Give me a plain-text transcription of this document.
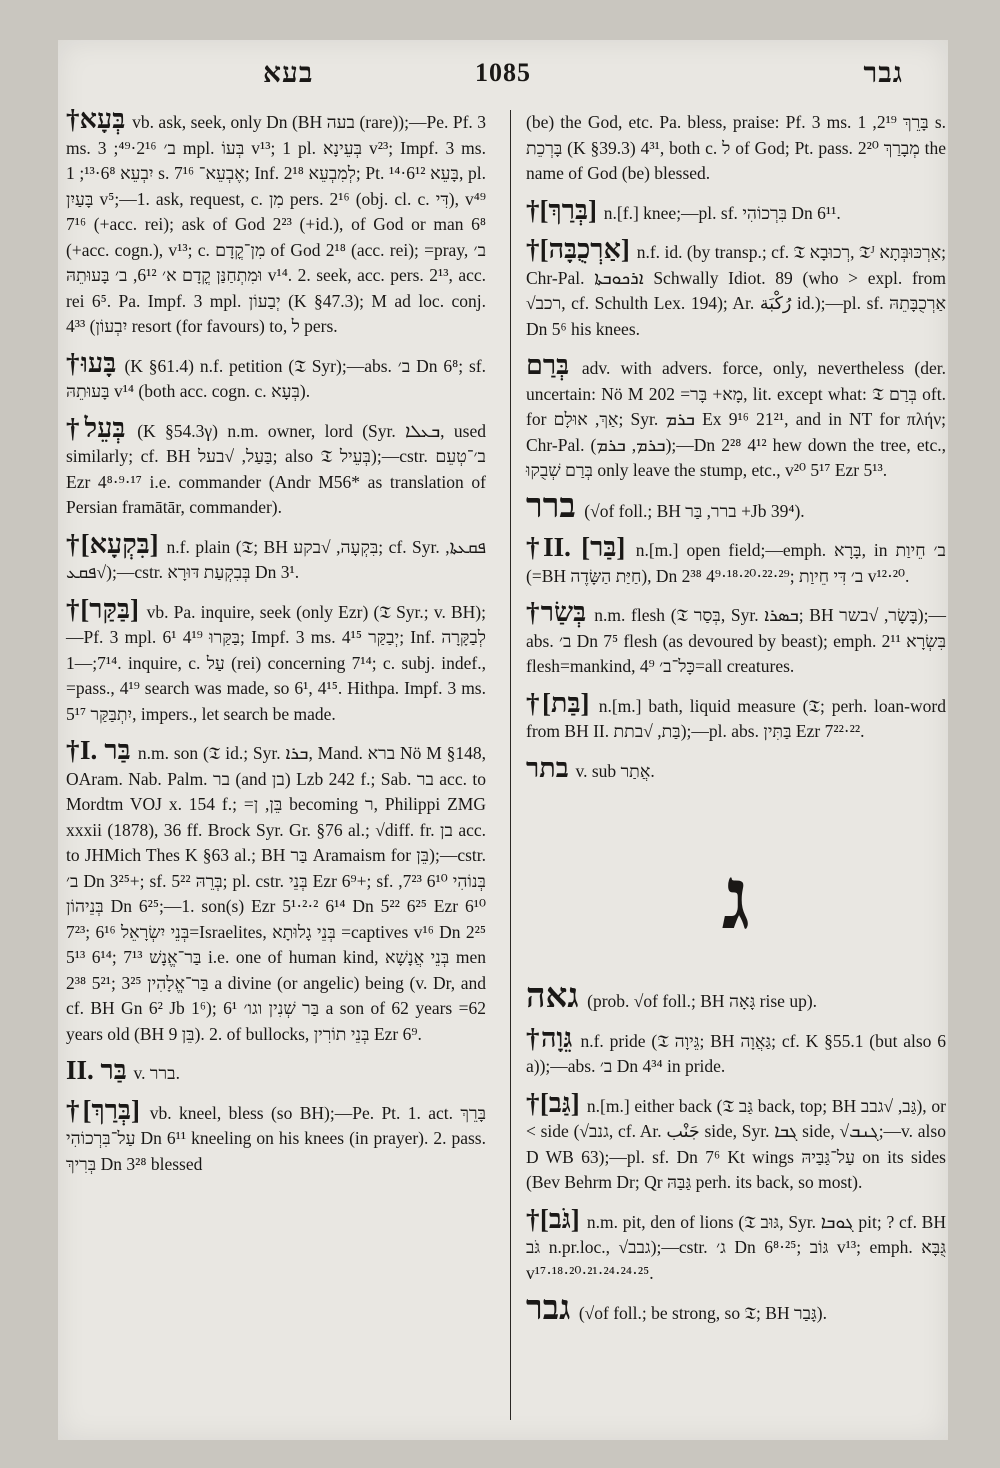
בעא	1085	גבר
†בְּעָא vb. ask, seek, only Dn (BH בעה (rare));—Pe. Pf. 3 ms. ב׳ 2¹⁶·⁴⁹; 3 mpl. בְּעוֹ v¹³; 1 pl. בְּעֵינָא v²³; Impf. 3 ms. יִבְעֵא 6⁸·¹³; 1 s. אֶבְעֵא־ 7¹⁶; Inf. לְמִבְעֵא 2¹⁸; Pt. בָּעֵא 6¹²·¹⁴, pl. בָּעַיִן v⁵;—1. ask, request, c. מִן pers. 2¹⁶ (obj. cl. c. דִּי), v⁴⁹ 7¹⁶ (+acc. rei); ask of God 2²³ (+id.), of God or man 6⁸ (+acc. cogn.), v¹³; c. מִן־קֳדָם of God 2¹⁸ (acc. rei); =pray, ב׳ וּמִתְחַנַּן קֳדָם א׳ 6¹², ב׳ בָּעוּתֵהּ v¹⁴. 2. seek, acc. pers. 2¹³, acc. rei 6⁵. Pa. Impf. 3 mpl. יְבַעוֹן (K §47.3); M ad loc. conj. יִבְעוֹן) 4³³ resort (for favours) to, ל pers.
†בָּעוּ (K §61.4) n.f. petition (𝔗 Syr);—abs. ב׳ Dn 6⁸; sf. בָּעוּתֵהּ v¹⁴ (both acc. cogn. c. בְּעָא).
†בְּעֵל (K §54.3γ) n.m. owner, lord (Syr. ܒܥܠܐ, used similarly; cf. BH בַּעַל, √בעל; also 𝔗 בְּעֵיל);—cstr. ב׳־טְעֵם Ezr 4⁸·⁹·¹⁷ i.e. commander (Andr M56* as translation of Persian framātār, commander).
†[בִּקְעָא] n.f. plain (𝔗; BH בִּקְעָה, √בקע; cf. Syr. ܦܩܥܬܐ, √ܦܩܥ);—cstr. בְּבִקְעַת דּוּרָא Dn 3¹.
†[בַּקַּר] vb. Pa. inquire, seek (only Ezr) (𝔗 Syr.; v. BH);—Pf. 3 mpl. בַּקַּרוּ 4¹⁹ 6¹; Impf. 3 ms. יְבַקַּר 4¹⁵; Inf. לְבַקָּרָה 7¹⁴;—1. inquire, c. עַל (rei) concerning 7¹⁴; c. subj. indef., =pass., 4¹⁹ search was made, so 6¹, 4¹⁵. Hithpa. Impf. 3 ms. יִתְבַּקַּר 5¹⁷, impers., let search be made.
†I. בַּר n.m. son (𝔗 id.; Syr. ܒܪܐ, Mand. ברא Nö M §148, OAram. Nab. Palm. בר (and בן) Lzb 242 f.; Sab. בר acc. to Mordtm VOJ x. 154 f.; =בֵּן, ן becoming ר, Philippi ZMG xxxii (1878), 36 ff. Brock Syr. Gr. §76 al.; √diff. fr. בן acc. to JHMich Thes K §63 al.; BH בַּר Aramaism for בֵּן);—cstr. ב׳ Dn 3²⁵+; sf. בְּרֵהּ 5²²; pl. cstr. בְּנֵי Ezr 6⁹+; sf. בְּנוֹהִי 6¹⁰ 7²³, בְּנֵיהוֹן Dn 6²⁵;—1. son(s) Ezr 5¹·²·² 6¹⁴ Dn 5²² 6²⁵ Ezr 6¹⁰ 7²³; בְּנֵי יִשְׂרָאֵל 6¹⁶=Israelites, בְּנֵי גָלוּתָא =captives v¹⁶ Dn 2²⁵ 5¹³ 6¹⁴; בַּר־אֱנָשׁ 7¹³ i.e. one of human kind, בְּנֵי אֲנָשָׁא men 2³⁸ 5²¹; בַּר־אֱלָהִין 3²⁵ a divine (or angelic) being (v. Dr, and cf. BH Gn 6² Jb 1⁶); בַּר שְׁנִין וגו׳ 6¹ a son of 62 years =62 years old (BH בֵּן 9). 2. of bullocks, בְּנֵי תוֹרִין Ezr 6⁹.
II. בַּר v. ברר.
†[בְּרַךְ] vb. kneel, bless (so BH);—Pe. Pt. 1. act. בָּרֵךְ עַל־בִּרְכוֹהִי Dn 6¹¹ kneeling on his knees (in prayer). 2. pass. בְּרִיךְ Dn 3²⁸ blessed
(be) the God, etc. Pa. bless, praise: Pf. 3 ms. בָּרֵךְ 2¹⁹, 1 s. בָּרְכֵת (K §39.3) 4³¹, both c. ל of God; Pt. pass. מְבָרַךְ 2²⁰ the name of God (be) blessed.
†[בְּרַךְ] n.[f.] knee;—pl. sf. בִּרְכוֹהִי Dn 6¹¹.
†[אַרְכֻבָּה] n.f. id. (by transp.; cf. 𝔗 רְכוּבָא, 𝔗ᴶ אַרְכּוּבְּתָא; Chr-Pal. ܐܪܟܘܒܬܐ Schwally Idiot. 89 (who > expl. from √רכב, cf. Schulth Lex. 194); Ar. رُكْبَة id.);—pl. sf. אַרְכֻבָּתֵהּ Dn 5⁶ his knees.
בְּרַם adv. with advers. force, only, nevertheless (der. uncertain: Nö M 202 =מָא+ בָּר, lit. except what: 𝔗 בְּרַם oft. for אַךְ, אוּלָם; Syr. ܒܪܡ Ex 9¹⁶ 21²¹, and in NT for πλήν; Chr-Pal. (ܒܪܡ, ܒܪܡ);—Dn 2²⁸ 4¹² hew down the tree, etc., בְּרַם שְׁבֻקוּ only leave the stump, etc., v²⁰ 5¹⁷ Ezr 5¹³.
ברר (√of foll.; BH ברר, בַּר +Jb 39⁴).
†II. [בַּר] n.[m.] open field;—emph. בָּרָא, in ב׳ חֵיוַת (=BH חַיַּת הַשָּׂדֶה), Dn 2³⁸ 4⁹·¹⁸·²⁰·²²·²⁹; ב׳ דִּי חֵיוַת v¹²·²⁰.
†בְּשַׂר n.m. flesh (𝔗 בְּסַר, Syr. ܒܣܪܐ; BH בָּשָׂר, √בשר);—abs. ב׳ Dn 7⁵ flesh (as devoured by beast); emph. בִּשְׂרָא 2¹¹ flesh=mankind, כָּל־ב׳ 4⁹=all creatures.
†[בַּת] n.[m.] bath, liquid measure (𝔗; perh. loan-word from BH II. בַּת, √בתת);—pl. abs. בַּתִּין Ezr 7²²·²².
בתר v. sub אֲתַר.
ג
גאה (prob. √of foll.; BH גָּאָה rise up).
†גֵּוָה n.f. pride (𝔗 גֵּיוָה; BH גַּאֲוָה; cf. K §55.1 (but also 6 a));—abs. ב׳ Dn 4³⁴ in pride.
†[גַּב] n.[m.] either back (𝔗 גַּב back, top; BH גַּב, √גבב), or < side (√גנב, cf. Ar. جَنْب side, Syr. ܓܒܐ side, √ܓܢܒ;—v. also D WB 63);—pl. sf. Dn 7⁶ Kt wings עַל־גַּבַּיהּ on its sides (Bev Behrm Dr; Qr גַּבַּהּ perh. its back, so most).
†[גֹּב] n.m. pit, den of lions (𝔗 גּוּב, Syr. ܓܘܒܐ pit; ? cf. BH גֹּב n.pr.loc., √גבב);—cstr. ג׳ Dn 6⁸·²⁵; גּוֹב v¹³; emph. גֻּבָּא v¹⁷·¹⁸·²⁰·²¹·²⁴·²⁴·²⁵.
גבר (√of foll.; be strong, so 𝔗; BH גָּבַר).
